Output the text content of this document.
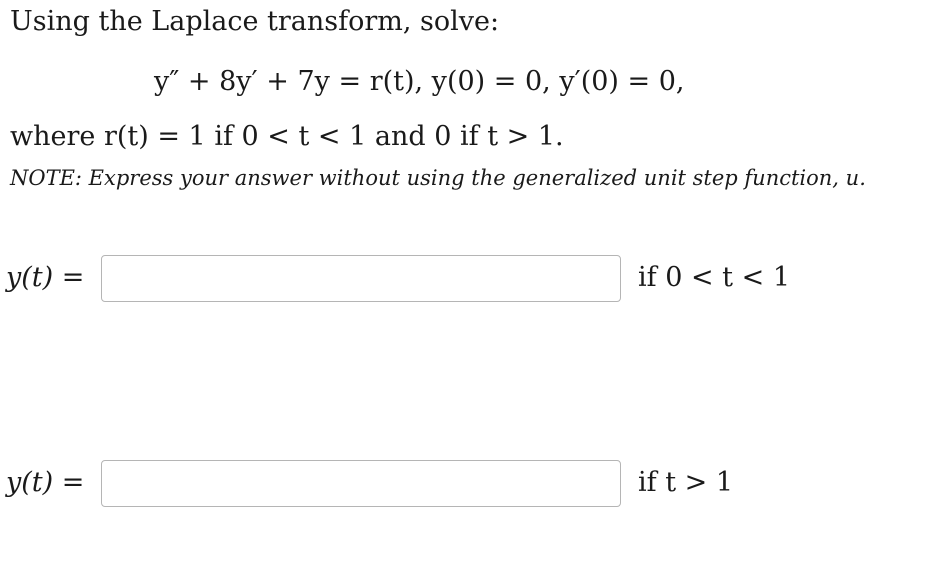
Using the Laplace transform, solve:
y″ + 8y′ + 7y = r(t), y(0) = 0, y′(0) = 0,
where r(t) = 1 if 0 < t < 1 and 0 if t > 1.
NOTE: Express your answer without using the generalized unit step function, u.
y(t) =	if 0 < t < 1
y(t) =	if t > 1
